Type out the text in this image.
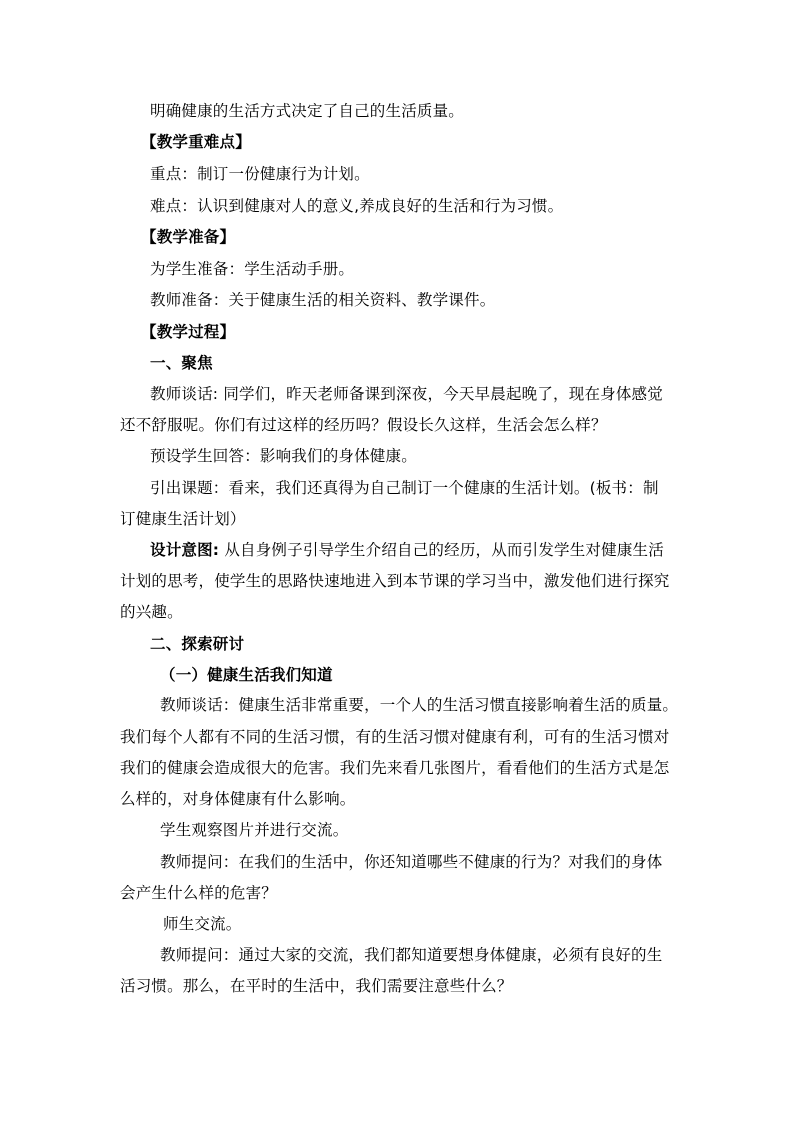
明确健康的生活方式决定了自己的生活质量。
【教学重难点】
重点：制订一份健康行为计划。
难点：认识到健康对人的意义,养成良好的生活和行为习惯。
【教学准备】
为学生准备：学生活动手册。
教师准备：关于健康生活的相关资料、教学课件。
【教学过程】
一、聚焦
教师谈话: 同学们，昨天老师备课到深夜，今天早晨起晚了，现在身体感觉
还不舒服呢。你们有过这样的经历吗？假设长久这样，生活会怎么样？
预设学生回答：影响我们的身体健康。
引出课题：看来，我们还真得为自己制订一个健康的生活计划。(板书：制
订健康生活计划）
设计意图: 从自身例子引导学生介绍自己的经历，从而引发学生对健康生活
计划的思考，使学生的思路快速地进入到本节课的学习当中，激发他们进行探究
的兴趣。
二、探索研讨
（一）健康生活我们知道
教师谈话：健康生活非常重要，一个人的生活习惯直接影响着生活的质量。
我们每个人都有不同的生活习惯，有的生活习惯对健康有利，可有的生活习惯对
我们的健康会造成很大的危害。我们先来看几张图片，看看他们的生活方式是怎
么样的，对身体健康有什么影响。
学生观察图片并进行交流。
教师提问：在我们的生活中，你还知道哪些不健康的行为？对我们的身体
会产生什么样的危害？
师生交流。
教师提问：通过大家的交流，我们都知道要想身体健康，必须有良好的生
活习惯。那么，在平时的生活中，我们需要注意些什么？
